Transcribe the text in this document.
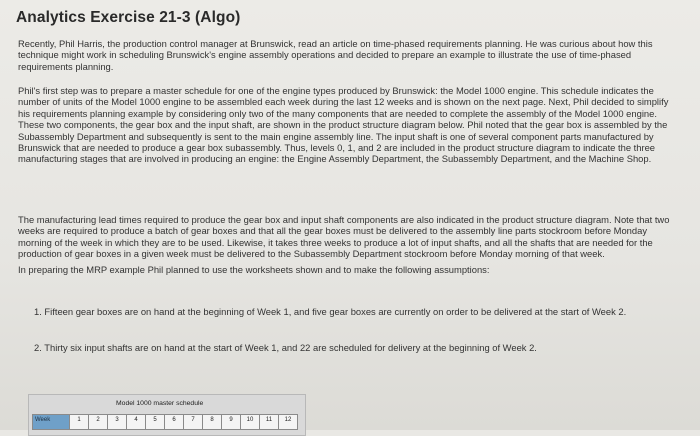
Analytics Exercise 21-3 (Algo)

Recently, Phil Harris, the production control manager at Brunswick, read an article on time-phased requirements planning. He was curious about how this technique might work in scheduling Brunswick's engine assembly operations and decided to prepare an example to illustrate the use of time-phased requirements planning.

Phil's first step was to prepare a master schedule for one of the engine types produced by Brunswick: the Model 1000 engine. This schedule indicates the number of units of the Model 1000 engine to be assembled each week during the last 12 weeks and is shown on the next page. Next, Phil decided to simplify his requirements planning example by considering only two of the many components that are needed to complete the assembly of the Model 1000 engine. These two components, the gear box and the input shaft, are shown in the product structure diagram below. Phil noted that the gear box is assembled by the Subassembly Department and subsequently is sent to the main engine assembly line. The input shaft is one of several component parts manufactured by Brunswick that are needed to produce a gear box subassembly. Thus, levels 0, 1, and 2 are included in the product structure diagram to indicate the three manufacturing stages that are involved in producing an engine: the Engine Assembly Department, the Subassembly Department, and the Machine Shop.

The manufacturing lead times required to produce the gear box and input shaft components are also indicated in the product structure diagram. Note that two weeks are required to produce a batch of gear boxes and that all the gear boxes must be delivered to the assembly line parts stockroom before Monday morning of the week in which they are to be used. Likewise, it takes three weeks to produce a lot of input shafts, and all the shafts that are needed for the production of gear boxes in a given week must be delivered to the Subassembly Department stockroom before Monday morning of that week.

In preparing the MRP example Phil planned to use the worksheets shown and to make the following assumptions:

1. Fifteen gear boxes are on hand at the beginning of Week 1, and five gear boxes are currently on order to be delivered at the start of Week 2.

2. Thirty six input shafts are on hand at the start of Week 1, and 22 are scheduled for delivery at the beginning of Week 2.

Model 1000 master schedule
Week	1	2	3	4	5	6	7	8	9	10	11	12
